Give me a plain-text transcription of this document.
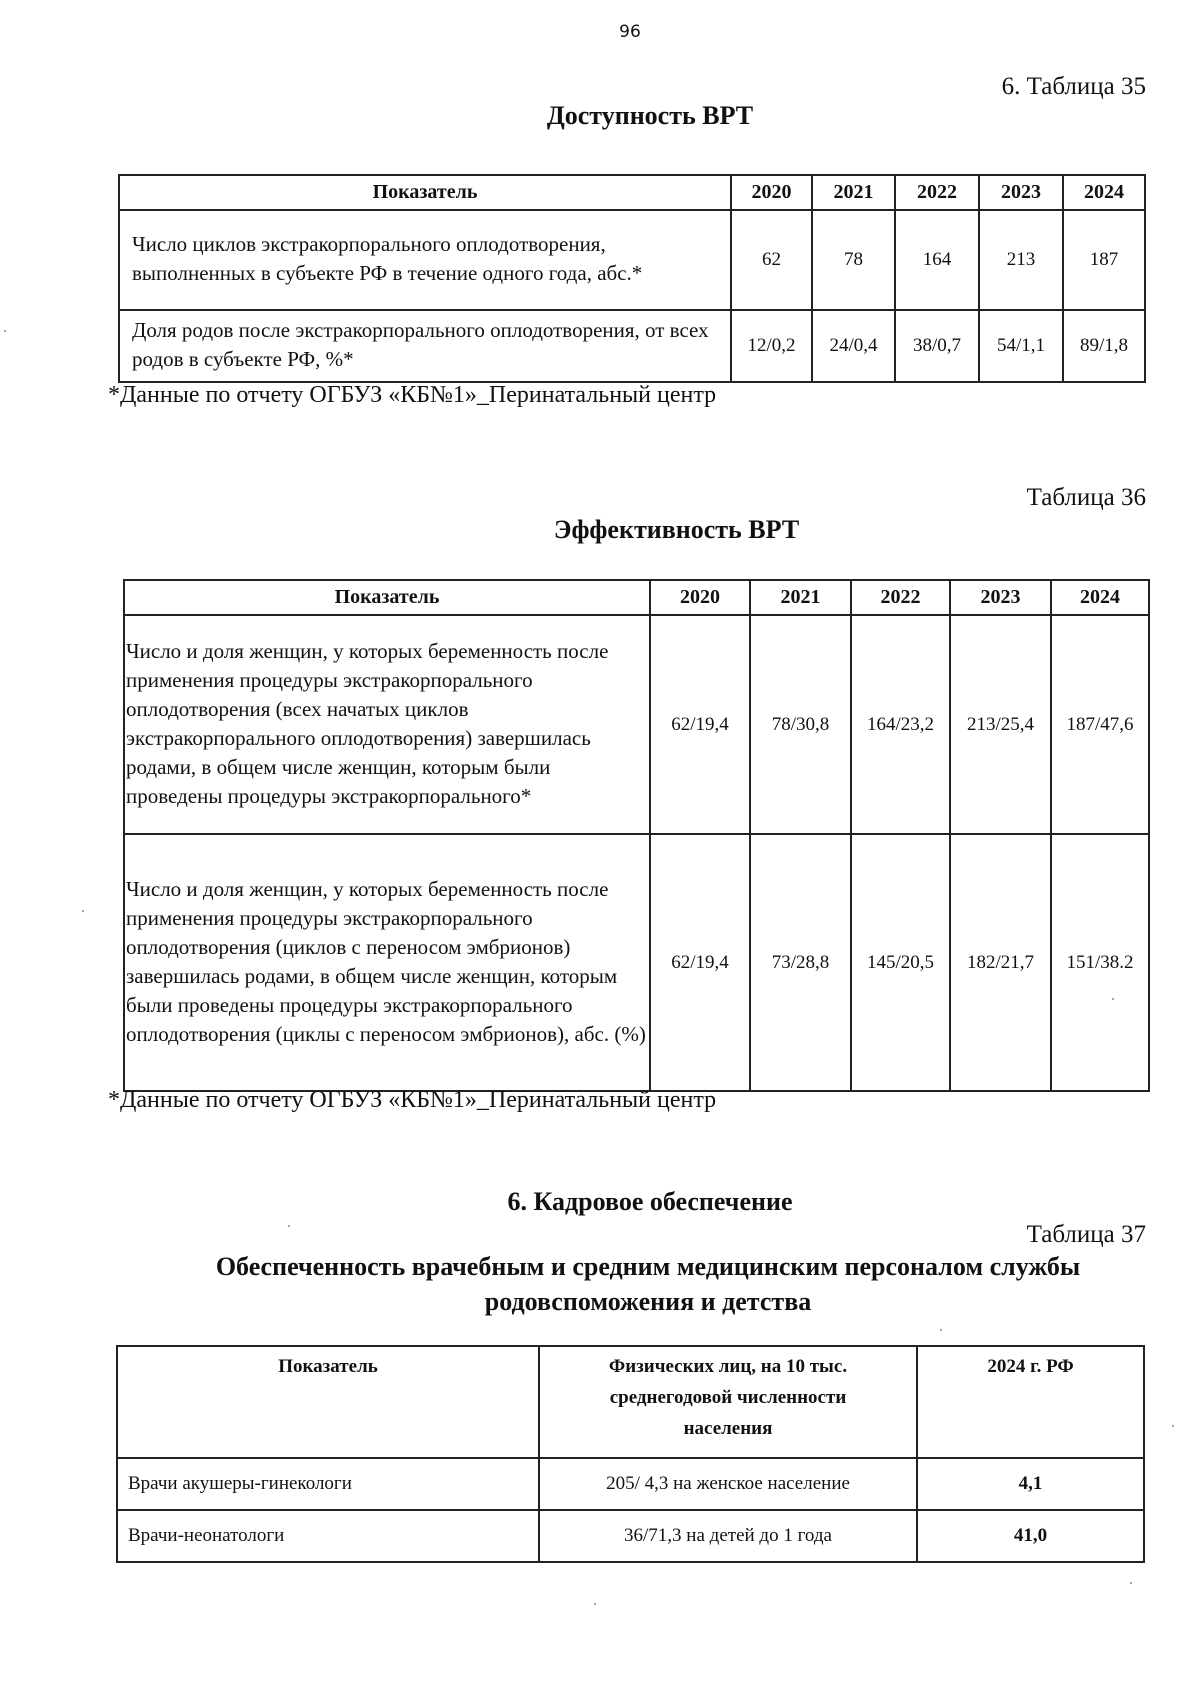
96
6. Таблица 35
Доступность ВРТ
Показатель	2020	2021	2022	2023	2024
Число циклов экстракорпорального оплодотворения, выполненных в субъекте РФ в течение одного года, абс.*	62	78	164	213	187
Доля родов после экстракорпорального оплодотворения, от всех родов в субъекте РФ, %*	12/0,2	24/0,4	38/0,7	54/1,1	89/1,8
*Данные по отчету ОГБУЗ «КБ№1»_Перинатальный центр
Таблица 36
Эффективность ВРТ
Показатель	2020	2021	2022	2023	2024
Число и доля женщин, у которых беременность после применения процедуры экстракорпорального оплодотворения (всех начатых циклов экстракорпорального оплодотворения) завершилась родами, в общем числе женщин, которым были проведены процедуры экстракорпорального*	62/19,4	78/30,8	164/23,2	213/25,4	187/47,6
Число и доля женщин, у которых беременность после применения процедуры экстракорпорального оплодотворения (циклов с переносом эмбрионов) завершилась родами, в общем числе женщин, которым были проведены процедуры экстракорпорального оплодотворения (циклы с переносом эмбрионов), абс. (%)	62/19,4	73/28,8	145/20,5	182/21,7	151/38.2
*Данные по отчету ОГБУЗ «КБ№1»_Перинатальный центр
6. Кадровое обеспечение
Таблица 37
Обеспеченность врачебным и средним медицинским персоналом службы
родовспоможения и детства
Показатель	Физических лиц, на 10 тыс. среднегодовой численности населения	2024 г. РФ
Врачи акушеры-гинекологи	205/ 4,3 на женское население	4,1
Врачи-неонатологи	36/71,3 на детей до 1 года	41,0
